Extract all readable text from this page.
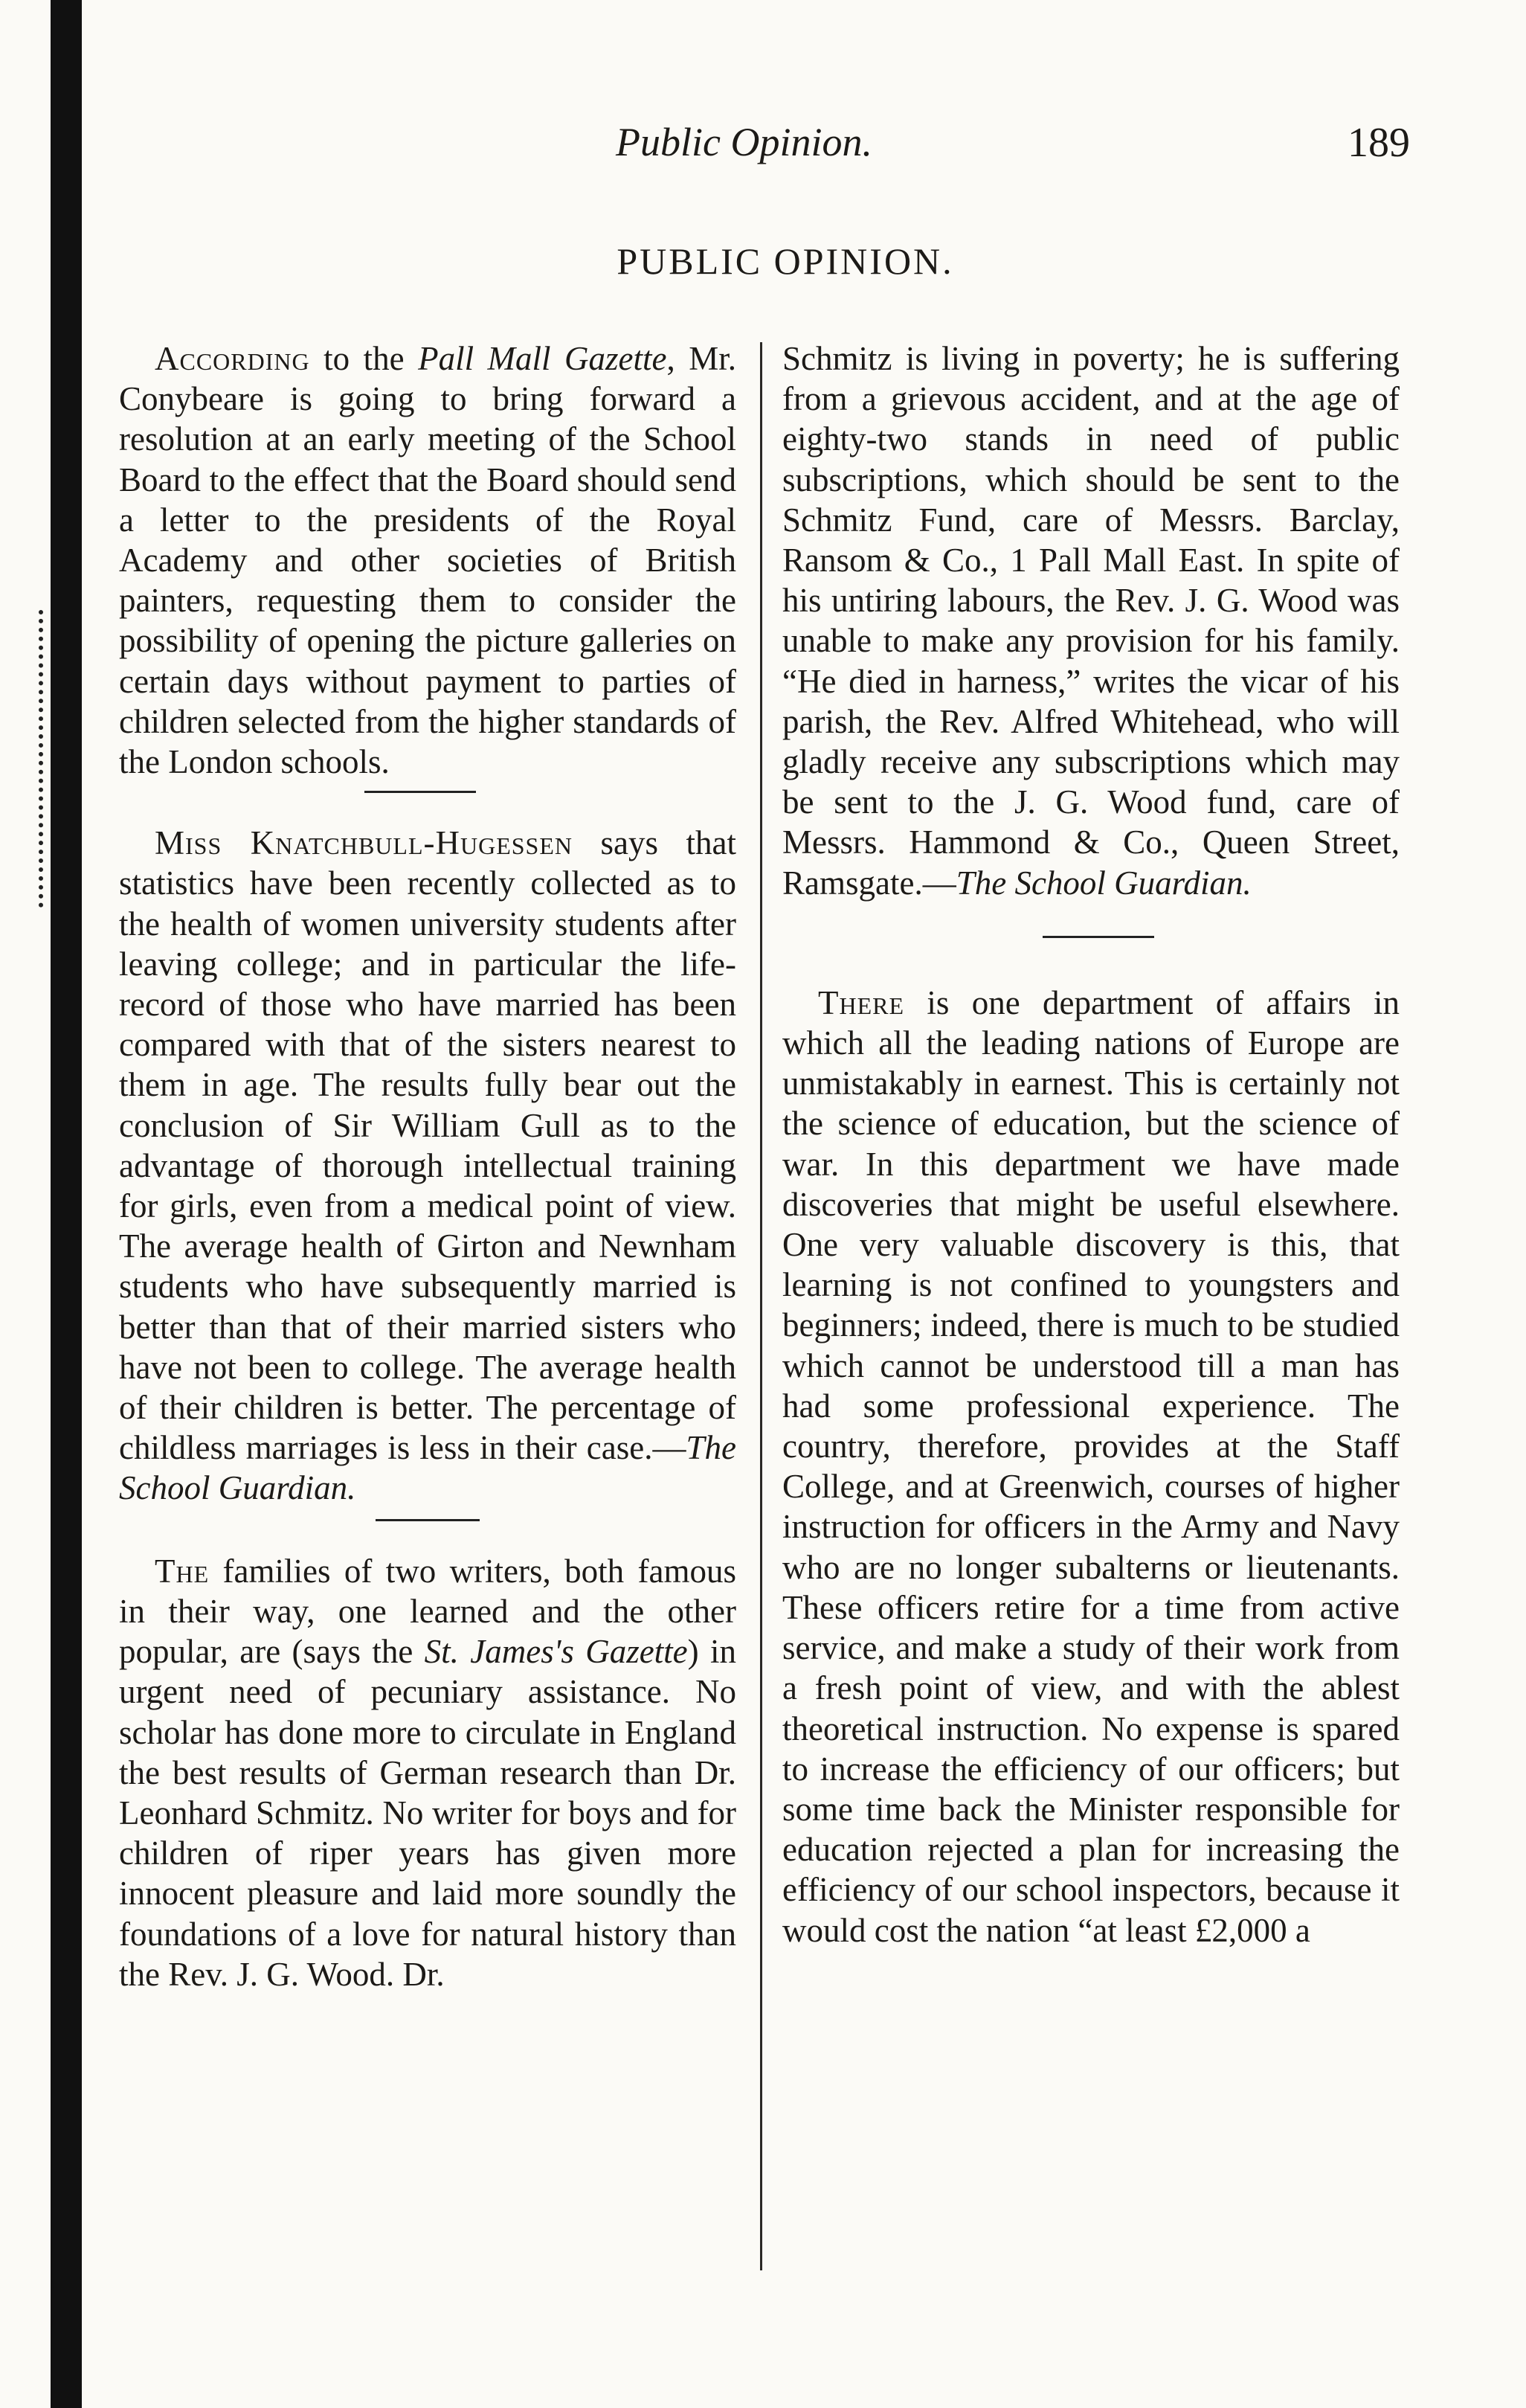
Public Opinion.	189
PUBLIC OPINION.

According to the Pall Mall Gazette, Mr. Conybeare is going to bring forward a resolution at an early meeting of the School Board to the effect that the Board should send a letter to the presidents of the Royal Academy and other societies of British painters, requesting them to consider the possibility of opening the picture galleries on certain days without payment to parties of children selected from the higher standards of the London schools.

Miss Knatchbull-Hugessen says that statistics have been recently collected as to the health of women university students after leaving college; and in particular the life-record of those who have married has been compared with that of the sisters nearest to them in age. The results fully bear out the conclusion of Sir William Gull as to the advantage of thorough intellectual training for girls, even from a medical point of view. The average health of Girton and Newnham students who have subsequently married is better than that of their married sisters who have not been to college. The average health of their children is better. The percentage of childless marriages is less in their case.—The School Guardian.

The families of two writers, both famous in their way, one learned and the other popular, are (says the St. James's Gazette) in urgent need of pecuniary assistance. No scholar has done more to circulate in England the best results of German research than Dr. Leonhard Schmitz. No writer for boys and for children of riper years has given more innocent pleasure and laid more soundly the foundations of a love for natural history than the Rev. J. G. Wood. Dr.

Schmitz is living in poverty; he is suffering from a grievous accident, and at the age of eighty-two stands in need of public subscriptions, which should be sent to the Schmitz Fund, care of Messrs. Barclay, Ransom & Co., 1 Pall Mall East. In spite of his untiring labours, the Rev. J. G. Wood was unable to make any provision for his family. “He died in harness,” writes the vicar of his parish, the Rev. Alfred Whitehead, who will gladly receive any subscriptions which may be sent to the J. G. Wood fund, care of Messrs. Hammond & Co., Queen Street, Ramsgate.—The School Guardian.

There is one department of affairs in which all the leading nations of Europe are unmistakably in earnest. This is certainly not the science of education, but the science of war. In this department we have made discoveries that might be useful elsewhere. One very valuable discovery is this, that learning is not confined to youngsters and beginners; indeed, there is much to be studied which cannot be understood till a man has had some professional experience. The country, therefore, provides at the Staff College, and at Greenwich, courses of higher instruction for officers in the Army and Navy who are no longer subalterns or lieutenants. These officers retire for a time from active service, and make a study of their work from a fresh point of view, and with the ablest theoretical instruction. No expense is spared to increase the efficiency of our officers; but some time back the Minister responsible for education rejected a plan for increasing the efficiency of our school inspectors, because it would cost the nation “at least £2,000 a
